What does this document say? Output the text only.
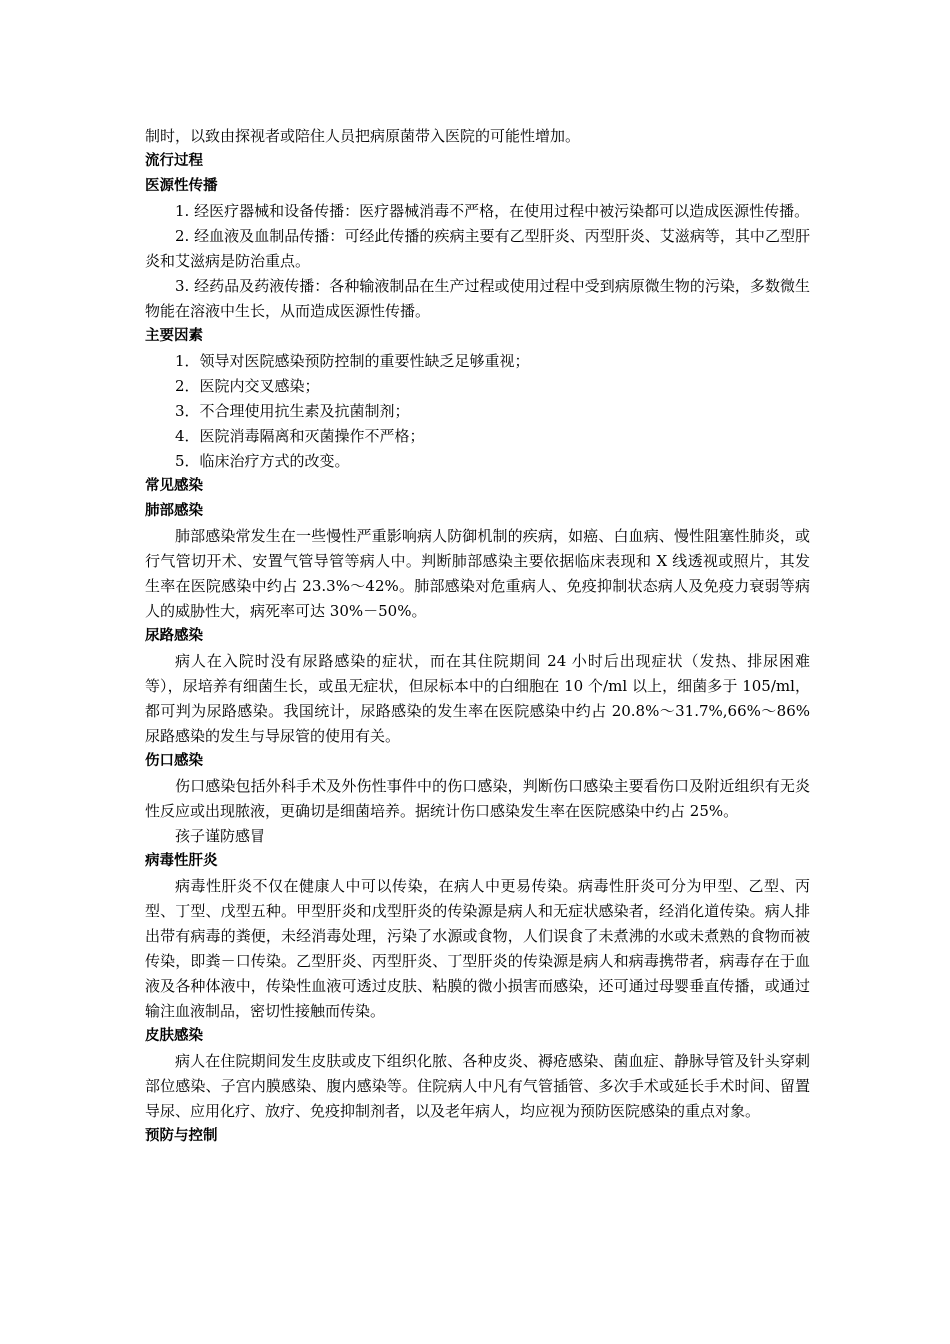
制时，以致由探视者或陪住人员把病原菌带入医院的可能性增加。

流行过程

医源性传播

1. 经医疗器械和设备传播：医疗器械消毒不严格，在使用过程中被污染都可以造成医源性传播。

2. 经血液及血制品传播：可经此传播的疾病主要有乙型肝炎、丙型肝炎、艾滋病等，其中乙型肝炎和艾滋病是防治重点。

3. 经药品及药液传播：各种输液制品在生产过程或使用过程中受到病原微生物的污染，多数微生物能在溶液中生长，从而造成医源性传播。

主要因素

1．领导对医院感染预防控制的重要性缺乏足够重视；

2．医院内交叉感染；

3．不合理使用抗生素及抗菌制剂；

4．医院消毒隔离和灭菌操作不严格；

5．临床治疗方式的改变。

常见感染

肺部感染

肺部感染常发生在一些慢性严重影响病人防御机制的疾病，如癌、白血病、慢性阻塞性肺炎，或行气管切开术、安置气管导管等病人中。判断肺部感染主要依据临床表现和 X 线透视或照片，其发生率在医院感染中约占 23.3%～42%。肺部感染对危重病人、免疫抑制状态病人及免疫力衰弱等病人的威胁性大，病死率可达 30%－50%。

尿路感染

病人在入院时没有尿路感染的症状，而在其住院期间 24 小时后出现症状（发热、排尿困难等），尿培养有细菌生长，或虽无症状，但尿标本中的白细胞在 10 个/ml 以上，细菌多于 105/ml，都可判为尿路感染。我国统计，尿路感染的发生率在医院感染中约占 20.8%～31.7%,66%～86%尿路感染的发生与导尿管的使用有关。

伤口感染

伤口感染包括外科手术及外伤性事件中的伤口感染，判断伤口感染主要看伤口及附近组织有无炎性反应或出现脓液，更确切是细菌培养。据统计伤口感染发生率在医院感染中约占 25%。

孩子谨防感冒

病毒性肝炎

病毒性肝炎不仅在健康人中可以传染，在病人中更易传染。病毒性肝炎可分为甲型、乙型、丙型、丁型、戊型五种。甲型肝炎和戊型肝炎的传染源是病人和无症状感染者，经消化道传染。病人排出带有病毒的粪便，未经消毒处理，污染了水源或食物，人们误食了未煮沸的水或未煮熟的食物而被传染，即粪－口传染。乙型肝炎、丙型肝炎、丁型肝炎的传染源是病人和病毒携带者，病毒存在于血液及各种体液中，传染性血液可透过皮肤、粘膜的微小损害而感染，还可通过母婴垂直传播，或通过输注血液制品，密切性接触而传染。

皮肤感染

病人在住院期间发生皮肤或皮下组织化脓、各种皮炎、褥疮感染、菌血症、静脉导管及针头穿刺部位感染、子宫内膜感染、腹内感染等。住院病人中凡有气管插管、多次手术或延长手术时间、留置导尿、应用化疗、放疗、免疫抑制剂者，以及老年病人，均应视为预防医院感染的重点对象。

预防与控制
